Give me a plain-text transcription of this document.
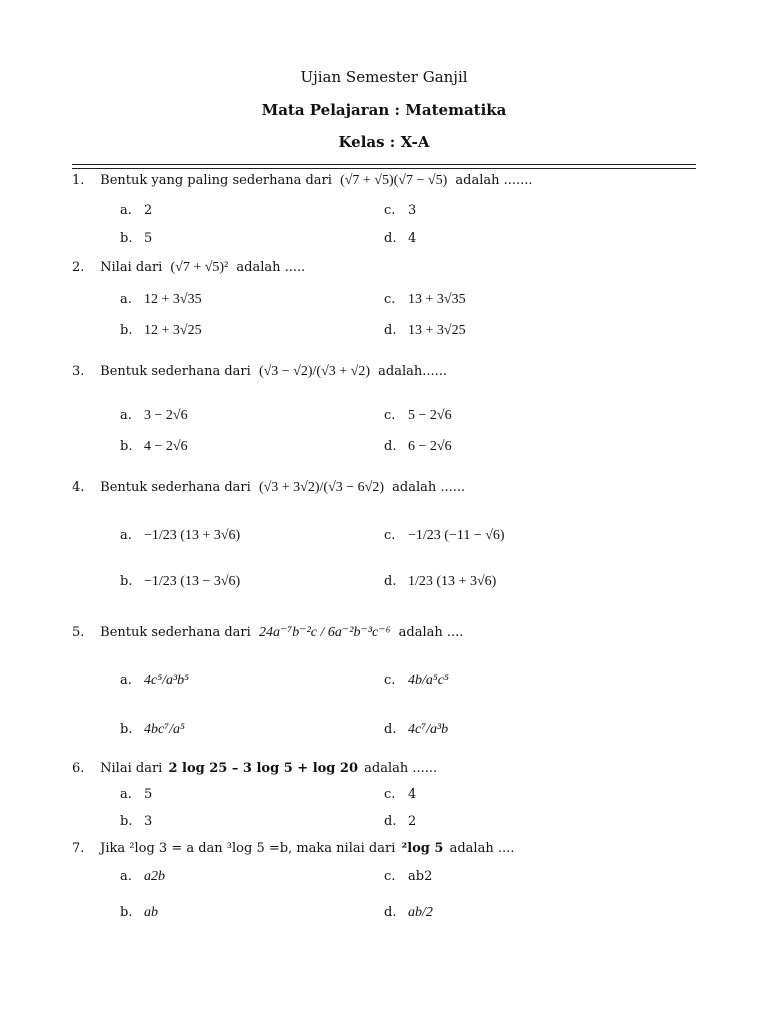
Ujian Semester Ganjil
Mata Pelajaran : Matematika
Kelas : X-A
1. Bentuk yang paling sederhana dari (√7 + √5)(√7 − √5) adalah .......
a. 2	c. 3
b. 5	d. 4
2. Nilai dari (√7 + √5)² adalah .....
a. 12 + 3√35	c. 13 + 3√35
b. 12 + 3√25	d. 13 + 3√25
3. Bentuk sederhana dari (√3 − √2)/(√3 + √2) adalah......
a. 3 − 2√6	c. 5 − 2√6
b. 4 − 2√6	d. 6 − 2√6
4. Bentuk sederhana dari (√3 + 3√2)/(√3 − 6√2) adalah ......
a. −1/23 (13 + 3√6)	c. −1/23 (−11 − √6)
b. −1/23 (13 − 3√6)	d. 1/23 (13 + 3√6)
5. Bentuk sederhana dari 24a⁻⁷b⁻²c / 6a⁻²b⁻³c⁻⁶ adalah ....
a. 4c⁵/a³b⁵	c. 4b/a⁵c⁵
b. 4bc⁷/a⁵	d. 4c⁷/a³b
6. Nilai dari 2 log 25 – 3 log 5 + log 20 adalah ......
a. 5	c. 4
b. 3	d. 2
7. Jika ²log 3 = a dan ³log 5 =b, maka nilai dari ²log 5 adalah ....
a. a2b	c. ab2
b. ab	d. ab/2
